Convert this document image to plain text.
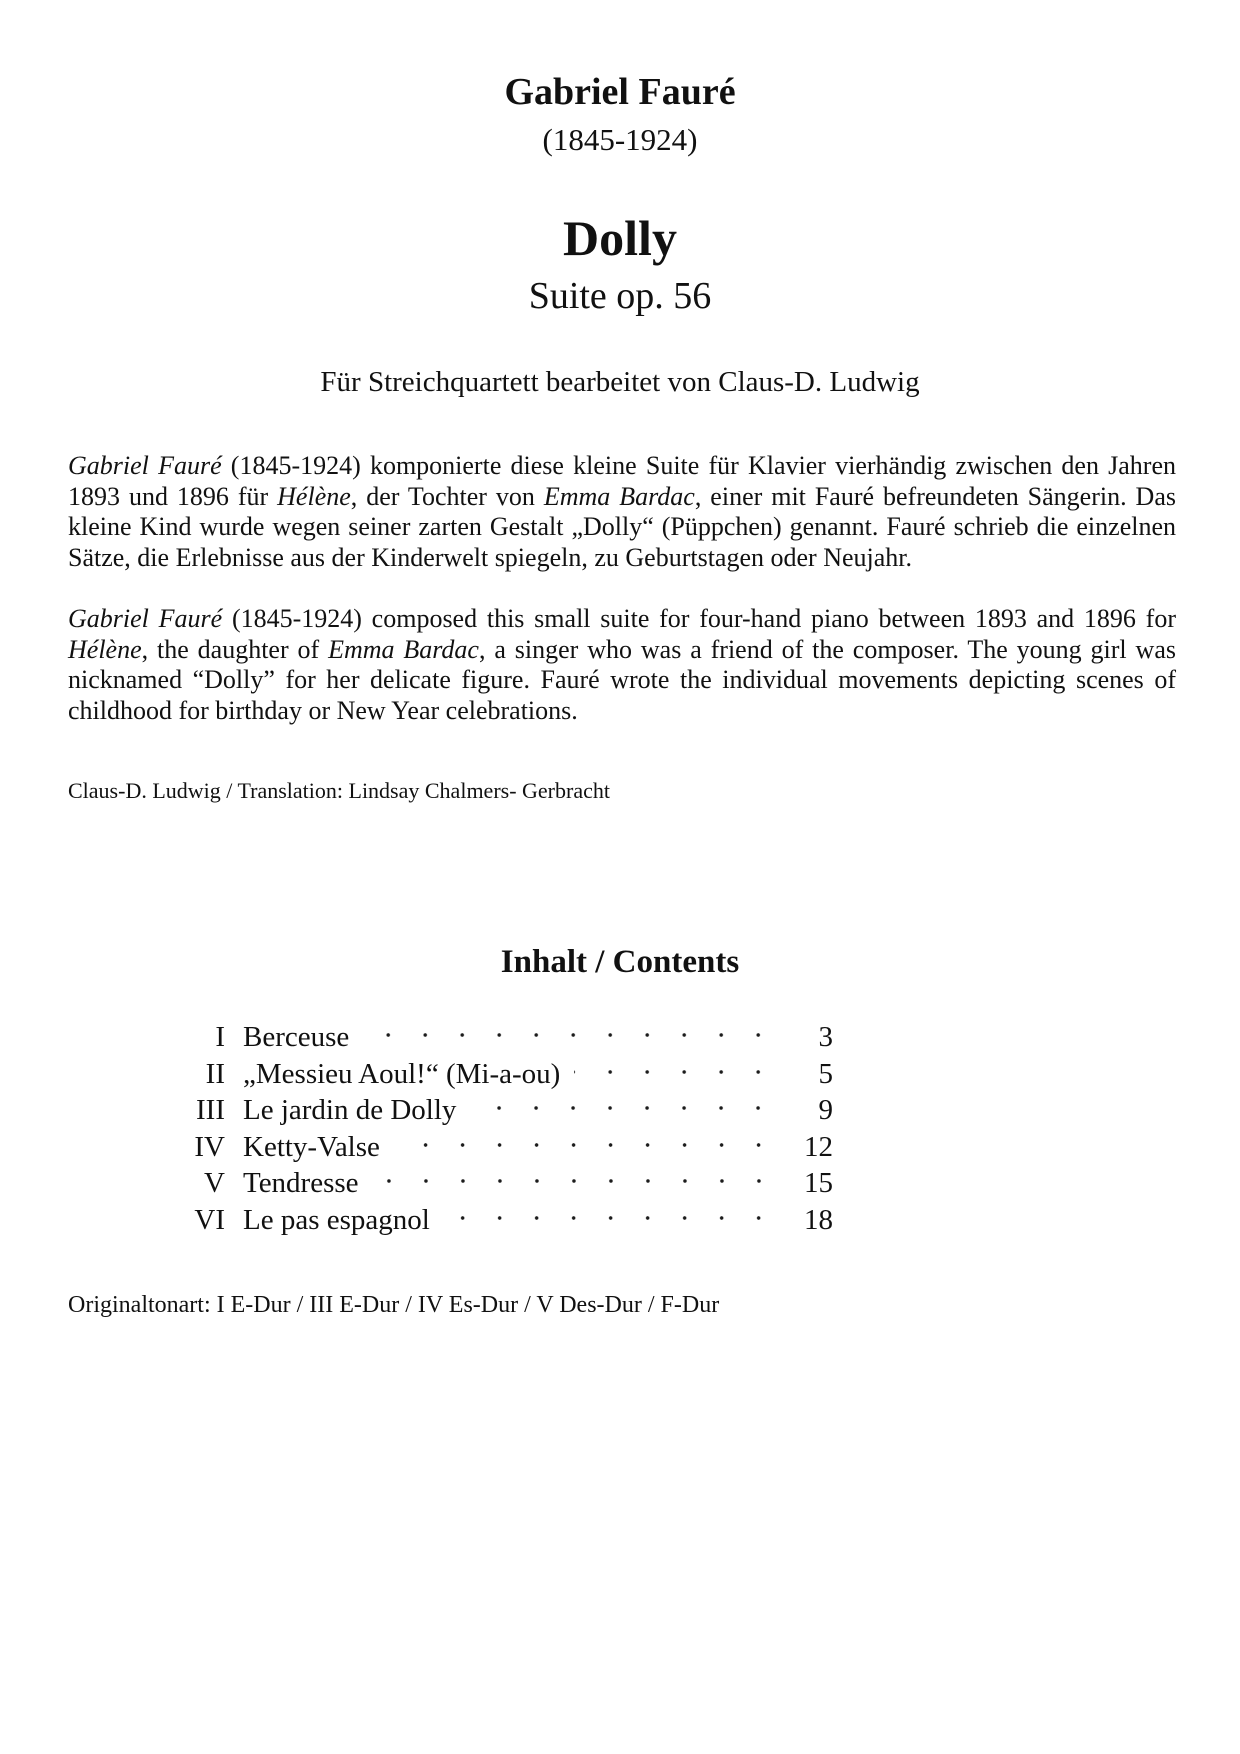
Gabriel Fauré
(1845-1924)
Dolly
Suite op. 56
Für Streichquartett bearbeitet von Claus-D. Ludwig

Gabriel Fauré (1845-1924) komponierte diese kleine Suite für Klavier vierhändig zwischen den Jahren 1893 und 1896 für Hélène, der Tochter von Emma Bardac, einer mit Fauré befreundeten Sängerin. Das kleine Kind wurde wegen seiner zarten Gestalt „Dolly“ (Püppchen) genannt. Fauré schrieb die einzelnen Sätze, die Erlebnisse aus der Kinderwelt spiegeln, zu Geburtstagen oder Neujahr.

Gabriel Fauré (1845-1924) composed this small suite for four-hand piano between 1893 and 1896 for Hélène, the daughter of Emma Bardac, a singer who was a friend of the composer. The young girl was nicknamed “Dolly” for her delicate figure. Fauré wrote the individual movements depicting scenes of childhood for birthday or New Year celebrations.

Claus-D. Ludwig / Translation: Lindsay Chalmers- Gerbracht
Inhalt / Contents
I Berceuse	3
II „Messieu Aoul!“ (Mi-a-ou)	5
III Le jardin de Dolly	9
IV Ketty-Valse	12
V Tendresse	15
VI Le pas espagnol	18
Originaltonart: I E-Dur / III E-Dur / IV Es-Dur / V Des-Dur / F-Dur
